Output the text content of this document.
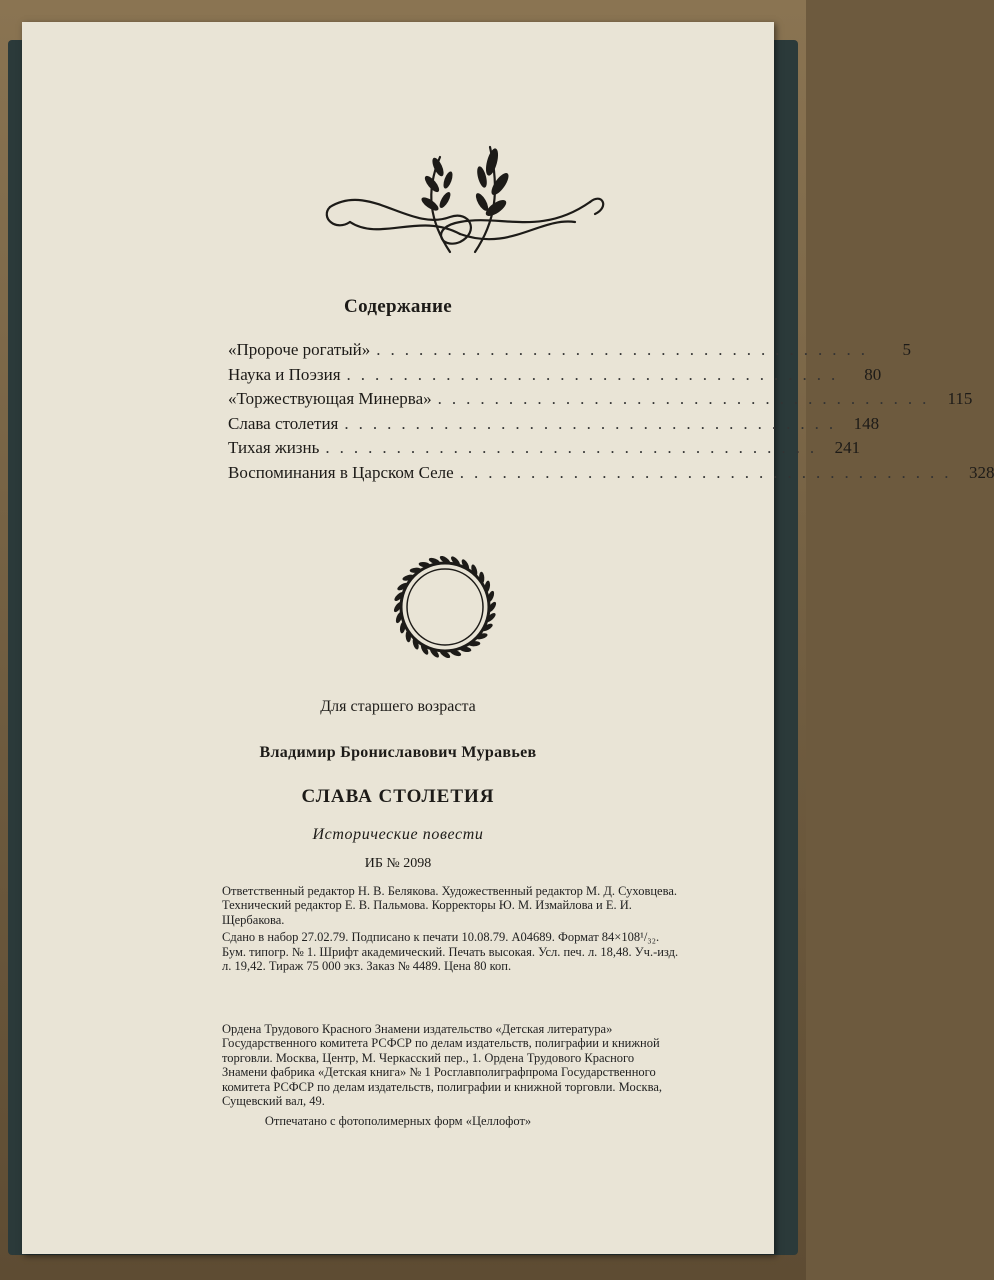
Содержание
«Пророче рогатый» ...................................	5
Наука и Поэзия ...................................	80
«Торжествующая Минерва» ................................... 115
Слава столетия ................................... 148
Тихая жизнь ................................... 241
Воспоминания в Царском Селе ................................... 328
Для старшего возраста
Владимир Брониславович Муравьев
СЛАВА СТОЛЕТИЯ
Исторические повести
ИБ № 2098

Ответственный редактор Н. В. Белякова. Художественный редактор М. Д. Суховцева. Технический редактор Е. В. Пальмова. Корректоры Ю. М. Измайлова и Е. И. Щербакова.

Сдано в набор 27.02.79. Подписано к печати 10.08.79. А04689. Формат 84×108¹/₃₂. Бум. типогр. № 1. Шрифт академический. Печать высокая. Усл. печ. л. 18,48. Уч.-изд. л. 19,42. Тираж 75 000 экз. Заказ № 4489. Цена 80 коп.

Ордена Трудового Красного Знамени издательство «Детская литература» Государственного комитета РСФСР по делам издательств, полиграфии и книжной торговли. Москва, Центр, М. Черкасский пер., 1. Ордена Трудового Красного Знамени фабрика «Детская книга» № 1 Росглавполиграфпрома Государственного комитета РСФСР по делам издательств, полиграфии и книжной торговли. Москва, Сущевский вал, 49.
Отпечатано с фотополимерных форм «Целлофот»
